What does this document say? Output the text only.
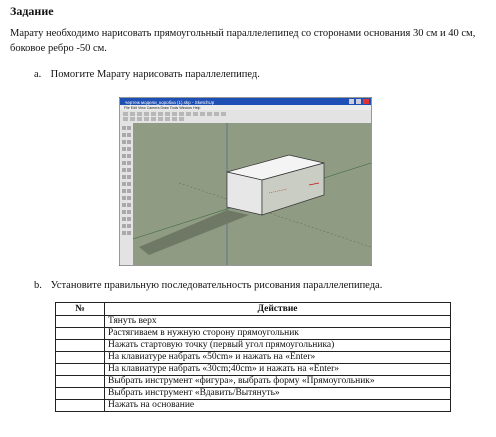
Задание
Марату необходимо нарисовать прямоугольный параллелепипед со сторонами основания 30 см и 40 см, боковое ребро -50 см.
a. Помогите Марату нарисовать параллелепипед.
чертеж модели_коробка (1).skp - SketchUp
File Edit View Camera Draw Tools Window Help
b. Установите правильную последовательность рисования параллелепипеда.
№	Действие
	Тянуть верх
	Растягиваем в нужную сторону прямоугольник
	Нажать стартовую точку (первый угол прямоугольника)
	На клавиатуре набрать «50cm» и нажать на «Enter»
	На клавиатуре набрать «30cm;40cm» и нажать на «Enter»
	Выбрать инструмент «фигура», выбрать форму «Прямоугольник»
	Выбрать инструмент «Вдавить/Вытянуть»
	Нажать на основание
